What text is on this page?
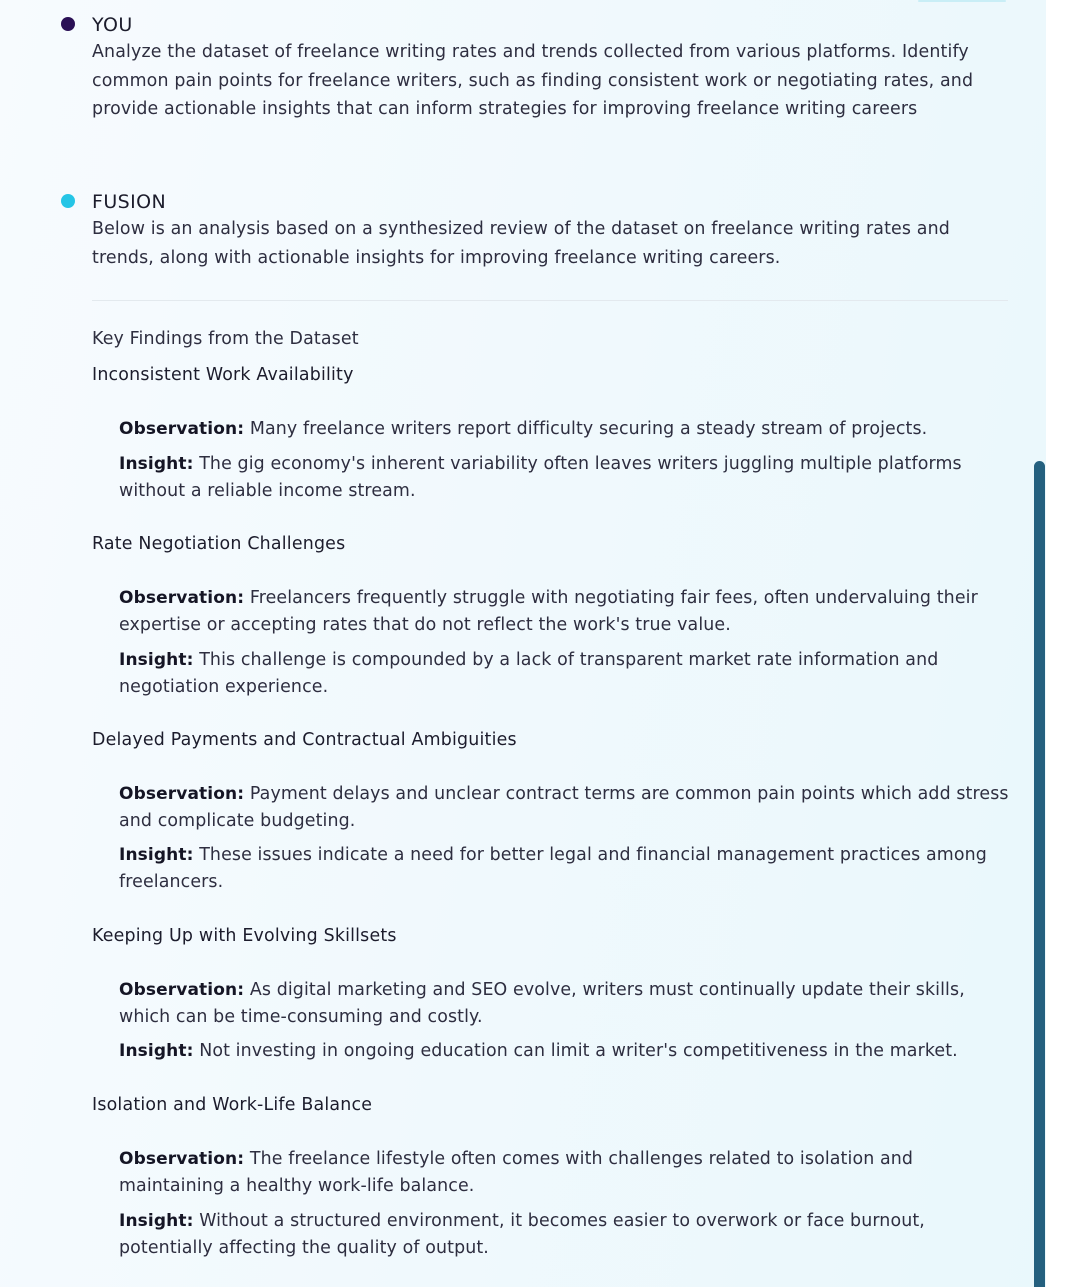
YOU
Analyze the dataset of freelance writing rates and trends collected from various platforms. Identify common pain points for freelance writers, such as finding consistent work or negotiating rates, and provide actionable insights that can inform strategies for improving freelance writing careers
FUSION
Below is an analysis based on a synthesized review of the dataset on freelance writing rates and trends, along with actionable insights for improving freelance writing careers.
Key Findings from the Dataset
Inconsistent Work Availability
Observation: Many freelance writers report difficulty securing a steady stream of projects.
Insight: The gig economy's inherent variability often leaves writers juggling multiple platforms without a reliable income stream.
Rate Negotiation Challenges
Observation: Freelancers frequently struggle with negotiating fair fees, often undervaluing their expertise or accepting rates that do not reflect the work's true value.
Insight: This challenge is compounded by a lack of transparent market rate information and negotiation experience.
Delayed Payments and Contractual Ambiguities
Observation: Payment delays and unclear contract terms are common pain points which add stress and complicate budgeting.
Insight: These issues indicate a need for better legal and financial management practices among freelancers.
Keeping Up with Evolving Skillsets
Observation: As digital marketing and SEO evolve, writers must continually update their skills, which can be time-consuming and costly.
Insight: Not investing in ongoing education can limit a writer's competitiveness in the market.
Isolation and Work-Life Balance
Observation: The freelance lifestyle often comes with challenges related to isolation and maintaining a healthy work-life balance.
Insight: Without a structured environment, it becomes easier to overwork or face burnout, potentially affecting the quality of output.
